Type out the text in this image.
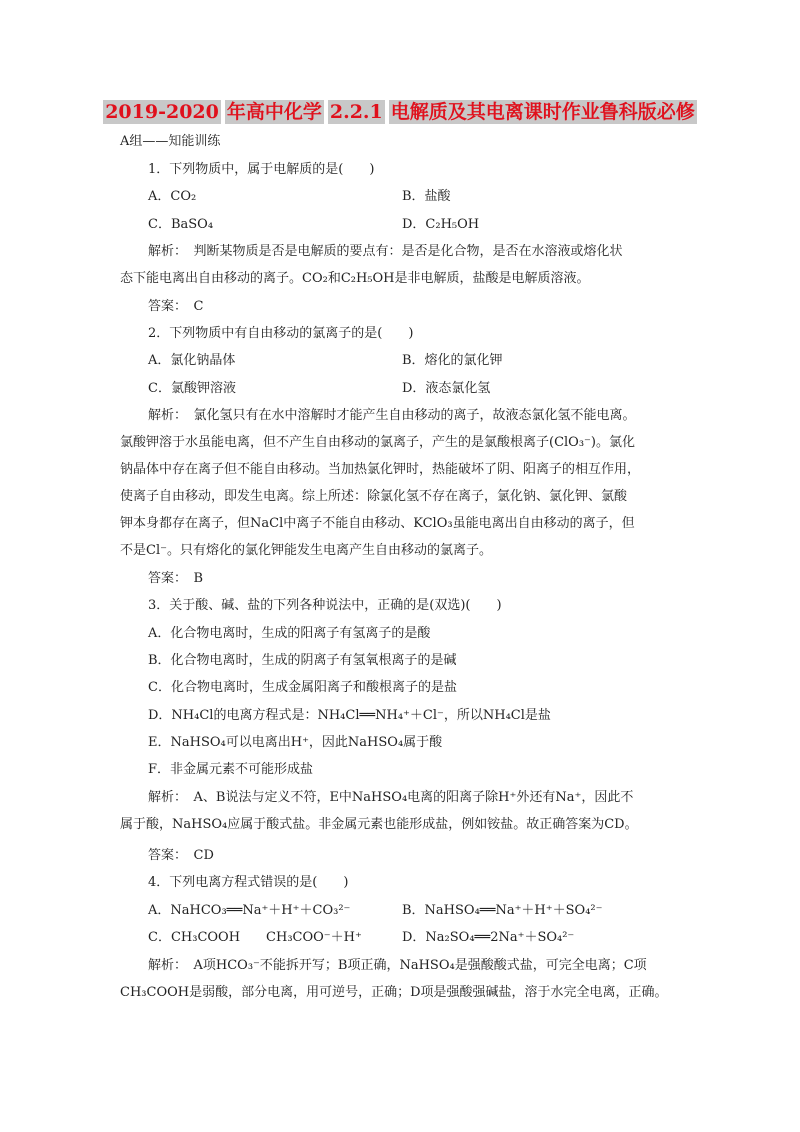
2019-2020 年高中化学 2.2.1 电解质及其电离课时作业鲁科版必修
A组——知能训练
1．下列物质中，属于电解质的是(　　)
A．CO₂	B．盐酸
C．BaSO₄	D．C₂H₅OH
解析：　判断某物质是否是电解质的要点有：是否是化合物，是否在水溶液或熔化状
态下能电离出自由移动的离子。CO₂和C₂H₅OH是非电解质，盐酸是电解质溶液。
答案：　C
2．下列物质中有自由移动的氯离子的是(　　)
A．氯化钠晶体	B．熔化的氯化钾
C．氯酸钾溶液	D．液态氯化氢
解析：　氯化氢只有在水中溶解时才能产生自由移动的离子，故液态氯化氢不能电离。
氯酸钾溶于水虽能电离，但不产生自由移动的氯离子，产生的是氯酸根离子(ClO₃⁻)。氯化
钠晶体中存在离子但不能自由移动。当加热氯化钾时，热能破坏了阴、阳离子的相互作用，
使离子自由移动，即发生电离。综上所述：除氯化氢不存在离子，氯化钠、氯化钾、氯酸
钾本身都存在离子，但NaCl中离子不能自由移动、KClO₃虽能电离出自由移动的离子，但
不是Cl⁻。只有熔化的氯化钾能发生电离产生自由移动的氯离子。
答案：　B
3．关于酸、碱、盐的下列各种说法中，正确的是(双选)(　　)
A．化合物电离时，生成的阳离子有氢离子的是酸
B．化合物电离时，生成的阴离子有氢氧根离子的是碱
C．化合物电离时，生成金属阳离子和酸根离子的是盐
D．NH₄Cl的电离方程式是：NH₄Cl══NH₄⁺＋Cl⁻，所以NH₄Cl是盐
E．NaHSO₄可以电离出H⁺，因此NaHSO₄属于酸
F．非金属元素不可能形成盐
解析：　A、B说法与定义不符，E中NaHSO₄电离的阳离子除H⁺外还有Na⁺，因此不
属于酸，NaHSO₄应属于酸式盐。非金属元素也能形成盐，例如铵盐。故正确答案为CD。
答案：　CD
4．下列电离方程式错误的是(　　)
A．NaHCO₃══Na⁺＋H⁺＋CO₃²⁻	B．NaHSO₄══Na⁺＋H⁺＋SO₄²⁻
C．CH₃COOH　　CH₃COO⁻＋H⁺	D．Na₂SO₄══2Na⁺＋SO₄²⁻
解析：　A项HCO₃⁻不能拆开写；B项正确，NaHSO₄是强酸酸式盐，可完全电离；C项
CH₃COOH是弱酸，部分电离，用可逆号，正确；D项是强酸强碱盐，溶于水完全电离，正确。
